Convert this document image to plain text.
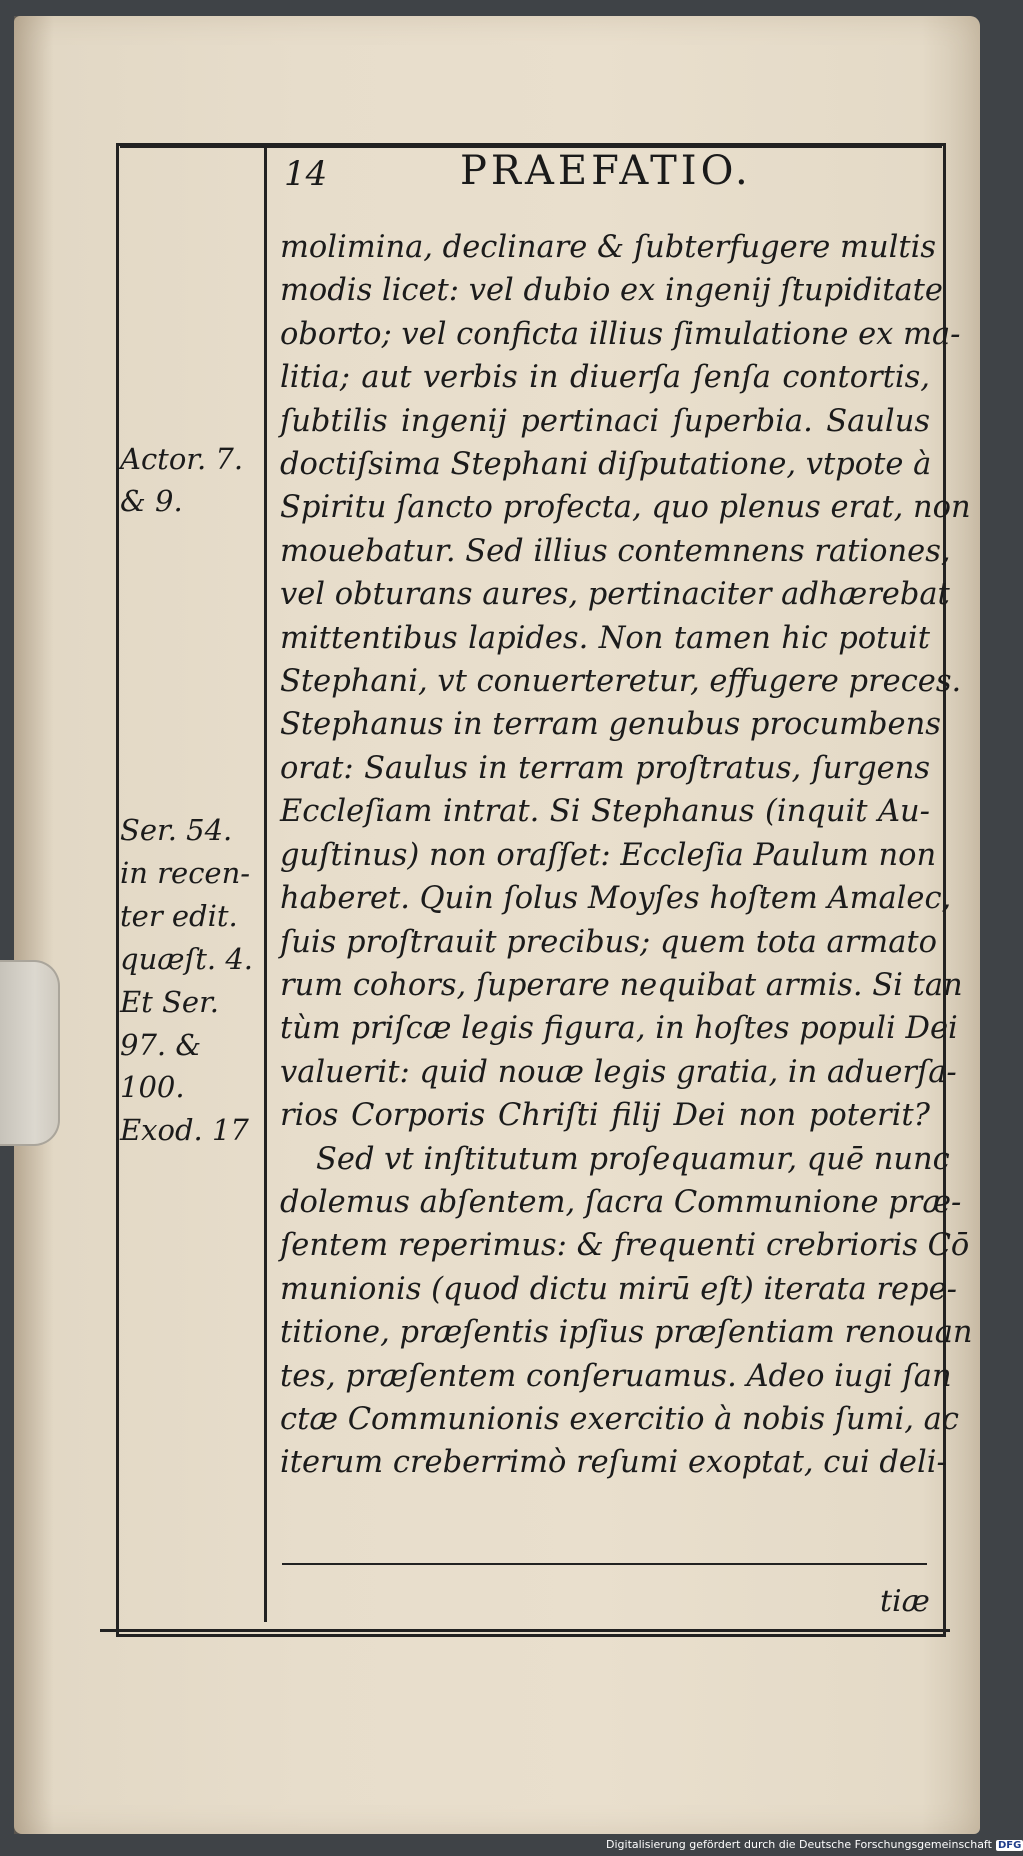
14	PRAEFATIO.
molimina, declinare & ſubterfugere multis
modis licet: vel dubio ex ingenij ſtupiditate
oborto; vel conficta illius ſimulatione ex ma-
litia; aut verbis in diuerſa ſenſa contortis,
ſubtilis ingenij pertinaci ſuperbia. Saulus
doctiſsima Stephani diſputatione, vtpote à
Spiritu ſancto profecta, quo plenus erat, non
mouebatur. Sed illius contemnens rationes,
vel obturans aures, pertinaciter adhærebat
mittentibus lapides. Non tamen hic potuit
Stephani, vt conuerteretur, effugere preces.
Stephanus in terram genubus procumbens
orat: Saulus in terram proſtratus, ſurgens
Eccleſiam intrat. Si Stephanus (inquit Au-
guſtinus) non oraſſet: Eccleſia Paulum non
haberet. Quin ſolus Moyſes hoſtem Amalec,
ſuis proſtrauit precibus; quem tota armato
rum cohors, ſuperare nequibat armis. Si tan
tùm priſcæ legis figura, in hoſtes populi Dei
valuerit: quid nouæ legis gratia, in aduerſa-
rios Corporis Chriſti filij Dei non poterit?
Sed vt inſtitutum proſequamur, quē nunc
dolemus abſentem, ſacra Communione præ-
ſentem reperimus: & frequenti crebrioris Cō
munionis (quod dictu mirū eſt) iterata repe-
titione, præſentis ipſius præſentiam renouan
tes, præſentem conſeruamus. Adeo iugi ſan
ctæ Communionis exercitio à nobis ſumi, ac
iterum creberrimò reſumi exoptat, cui deli-
tiæ
Actor. 7.
& 9.
Ser. 54.
in recen-
ter edit.
quæſt. 4.
Et Ser.
97. &
100.
Exod. 17
Digitalisierung gefördert durch die Deutsche Forschungsgemeinschaft DFG
